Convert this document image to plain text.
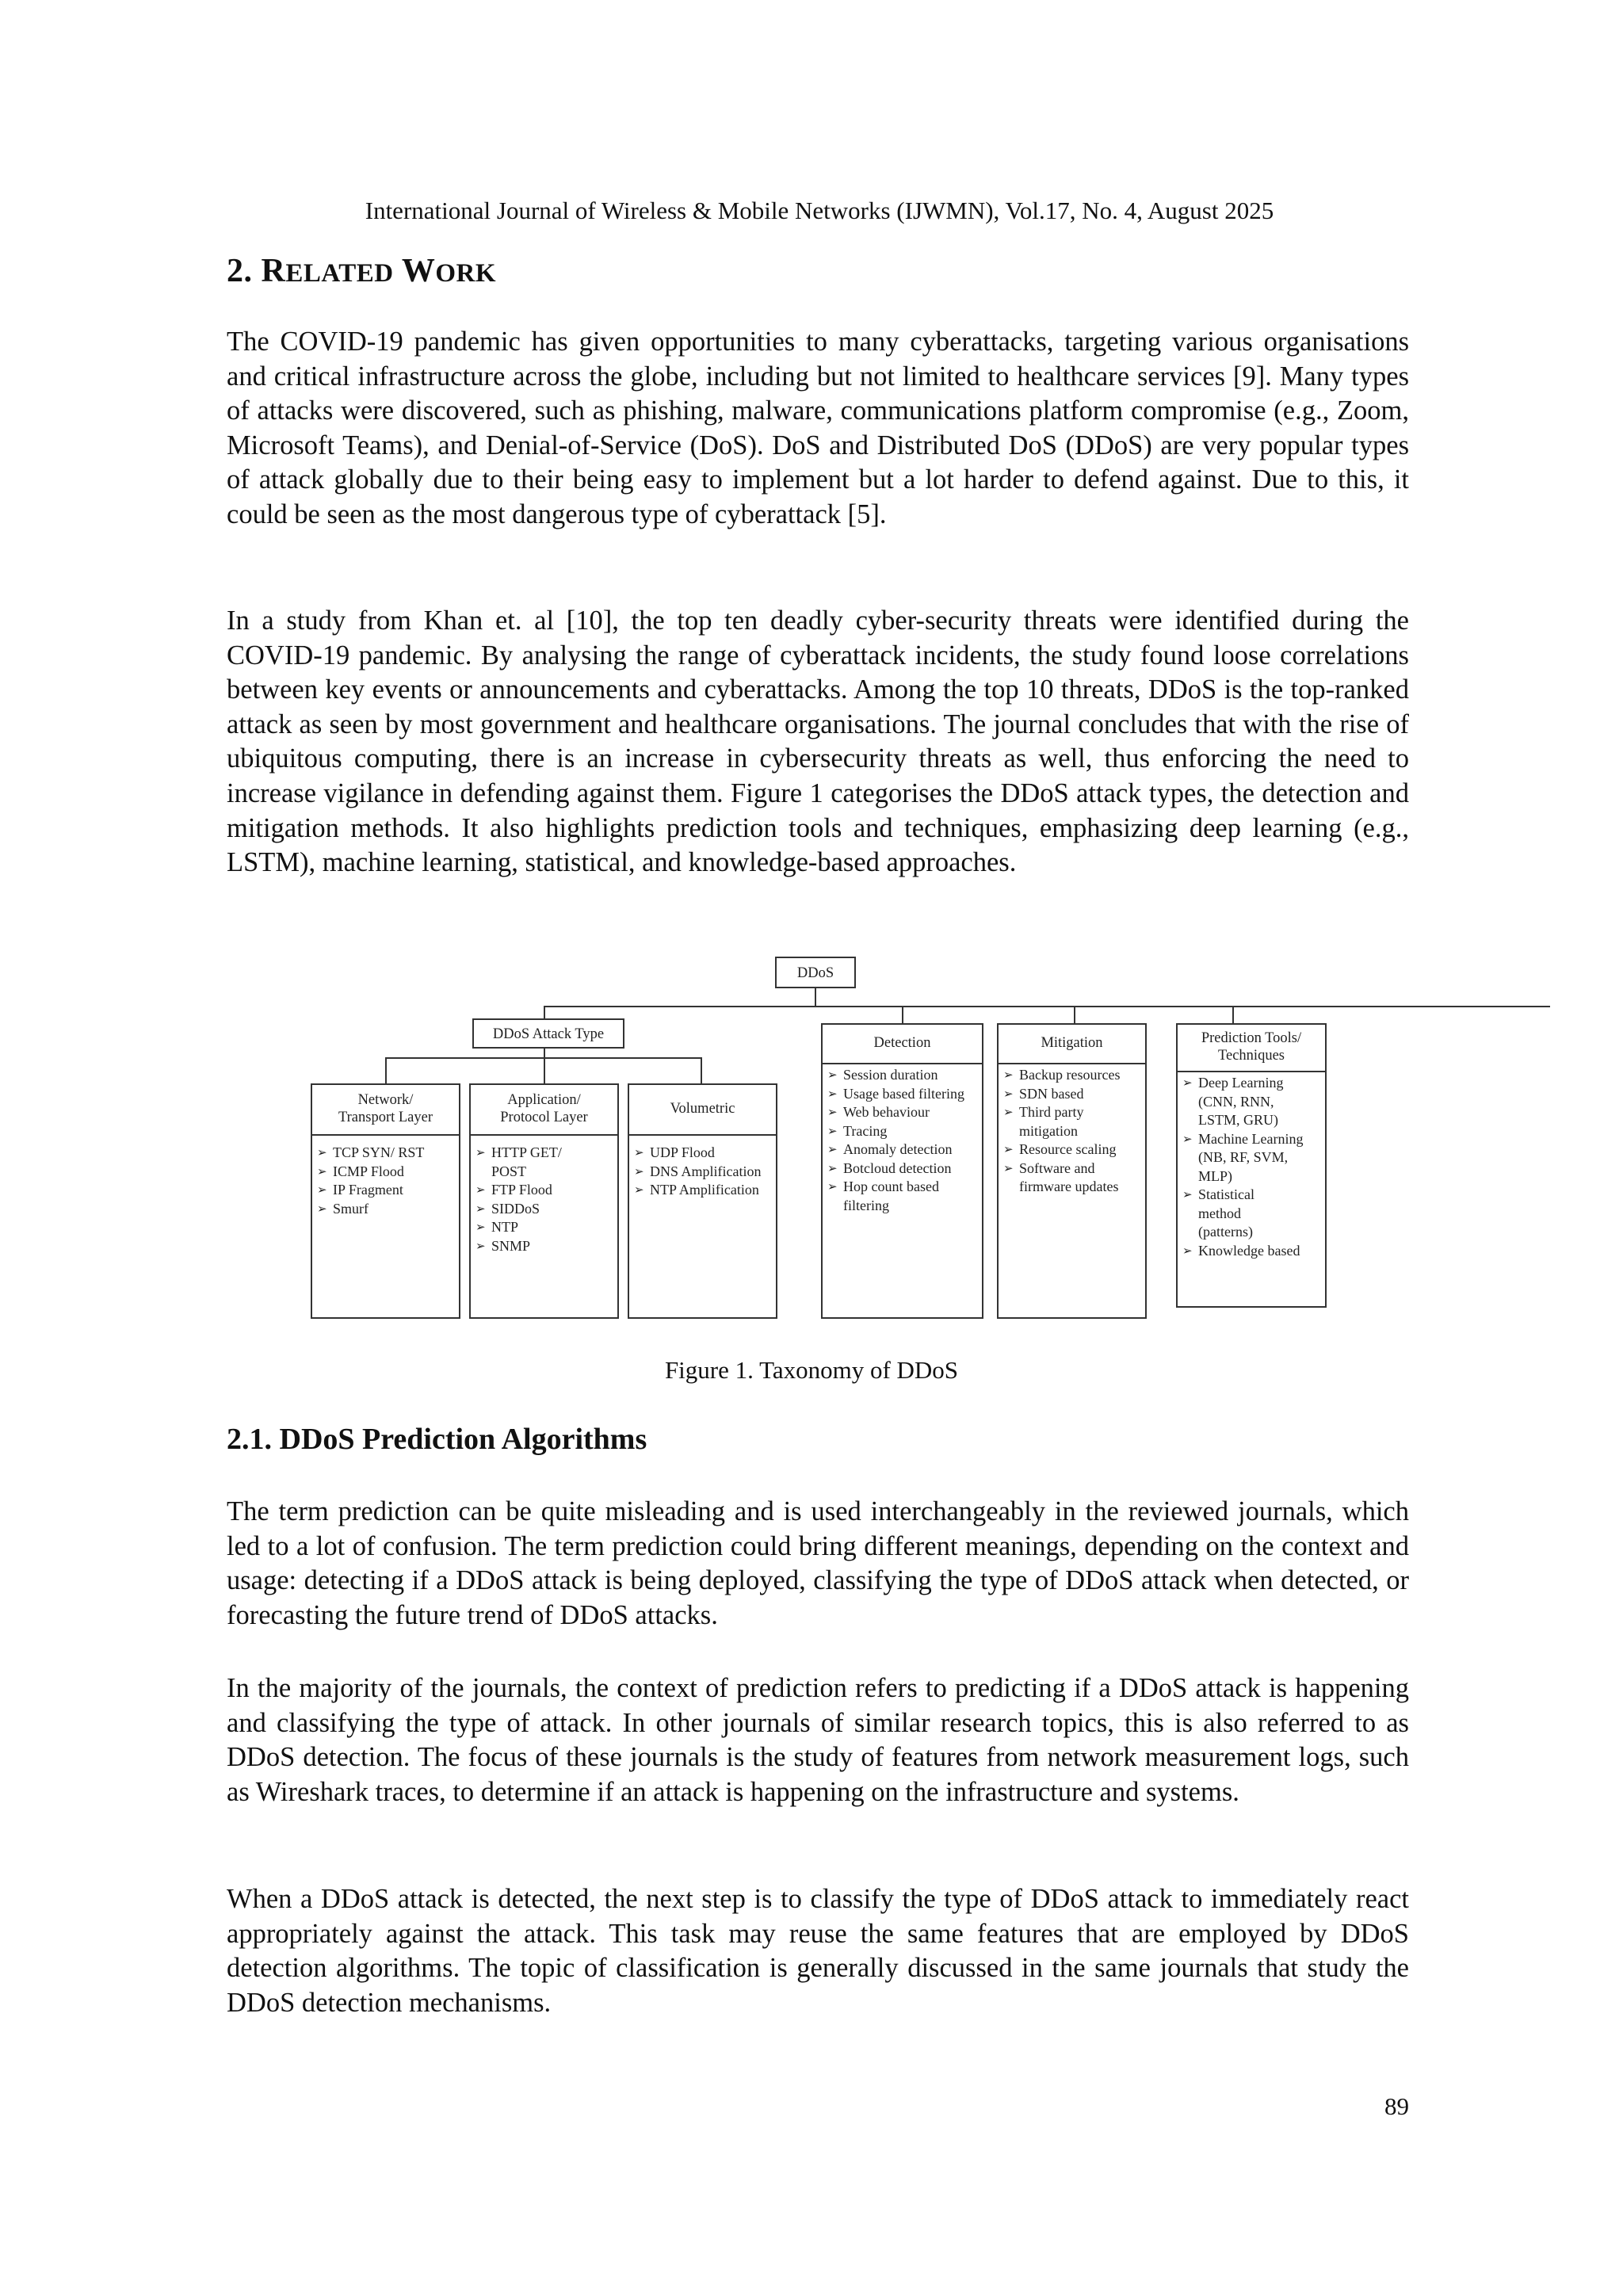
International Journal of Wireless & Mobile Networks (IJWMN), Vol.17, No. 4, August 2025
2. RELATED WORK

The COVID-19 pandemic has given opportunities to many cyberattacks, targeting various organisations and critical infrastructure across the globe, including but not limited to healthcare services [9]. Many types of attacks were discovered, such as phishing, malware, communications platform compromise (e.g., Zoom, Microsoft Teams), and Denial-of-Service (DoS). DoS and Distributed DoS (DDoS) are very popular types of attack globally due to their being easy to implement but a lot harder to defend against. Due to this, it could be seen as the most dangerous type of cyberattack [5].

In a study from Khan et. al [10], the top ten deadly cyber-security threats were identified during the COVID-19 pandemic. By analysing the range of cyberattack incidents, the study found loose correlations between key events or announcements and cyberattacks. Among the top 10 threats, DDoS is the top-ranked attack as seen by most government and healthcare organisations. The journal concludes that with the rise of ubiquitous computing, there is an increase in cybersecurity threats as well, thus enforcing the need to increase vigilance in defending against them. Figure 1 categorises the DDoS attack types, the detection and mitigation methods. It also highlights prediction tools and techniques, emphasizing deep learning (e.g., LSTM), machine learning, statistical, and knowledge-based approaches.

2.1. DDoS Prediction Algorithms

The term prediction can be quite misleading and is used interchangeably in the reviewed journals, which led to a lot of confusion. The term prediction could bring different meanings, depending on the context and usage: detecting if a DDoS attack is being deployed, classifying the type of DDoS attack when detected, or forecasting the future trend of DDoS attacks.

In the majority of the journals, the context of prediction refers to predicting if a DDoS attack is happening and classifying the type of attack. In other journals of similar research topics, this is also referred to as DDoS detection. The focus of these journals is the study of features from network measurement logs, such as Wireshark traces, to determine if an attack is happening on the infrastructure and systems.

When a DDoS attack is detected, the next step is to classify the type of DDoS attack to immediately react appropriately against the attack. This task may reuse the same features that are employed by DDoS detection algorithms. The topic of classification is generally discussed in the same journals that study the DDoS detection mechanisms.

DDoS
DDoS Attack Type
Network/
Transport Layer
➢ TCP SYN/ RST
➢ ICMP Flood
➢ IP Fragment
➢ Smurf
Application/
Protocol Layer
➢ HTTP GET/ POST
➢ FTP Flood
➢ SIDDoS
➢ NTP
➢ SNMP
Volumetric
➢ UDP Flood
➢ DNS Amplification
➢ NTP Amplification
Detection
➢ Session duration
➢ Usage based filtering
➢ Web behaviour
➢ Tracing
➢ Anomaly detection
➢ Botcloud detection
➢ Hop count based filtering
Mitigation
➢ Backup resources
➢ SDN based
➢ Third party mitigation
➢ Resource scaling
➢ Software and firmware updates
Prediction Tools/
Techniques
➢ Deep Learning (CNN, RNN, LSTM, GRU)
➢ Machine Learning (NB, RF, SVM, MLP)
➢ Statistical method (patterns)
➢ Knowledge based
Figure 1. Taxonomy of DDoS
89
